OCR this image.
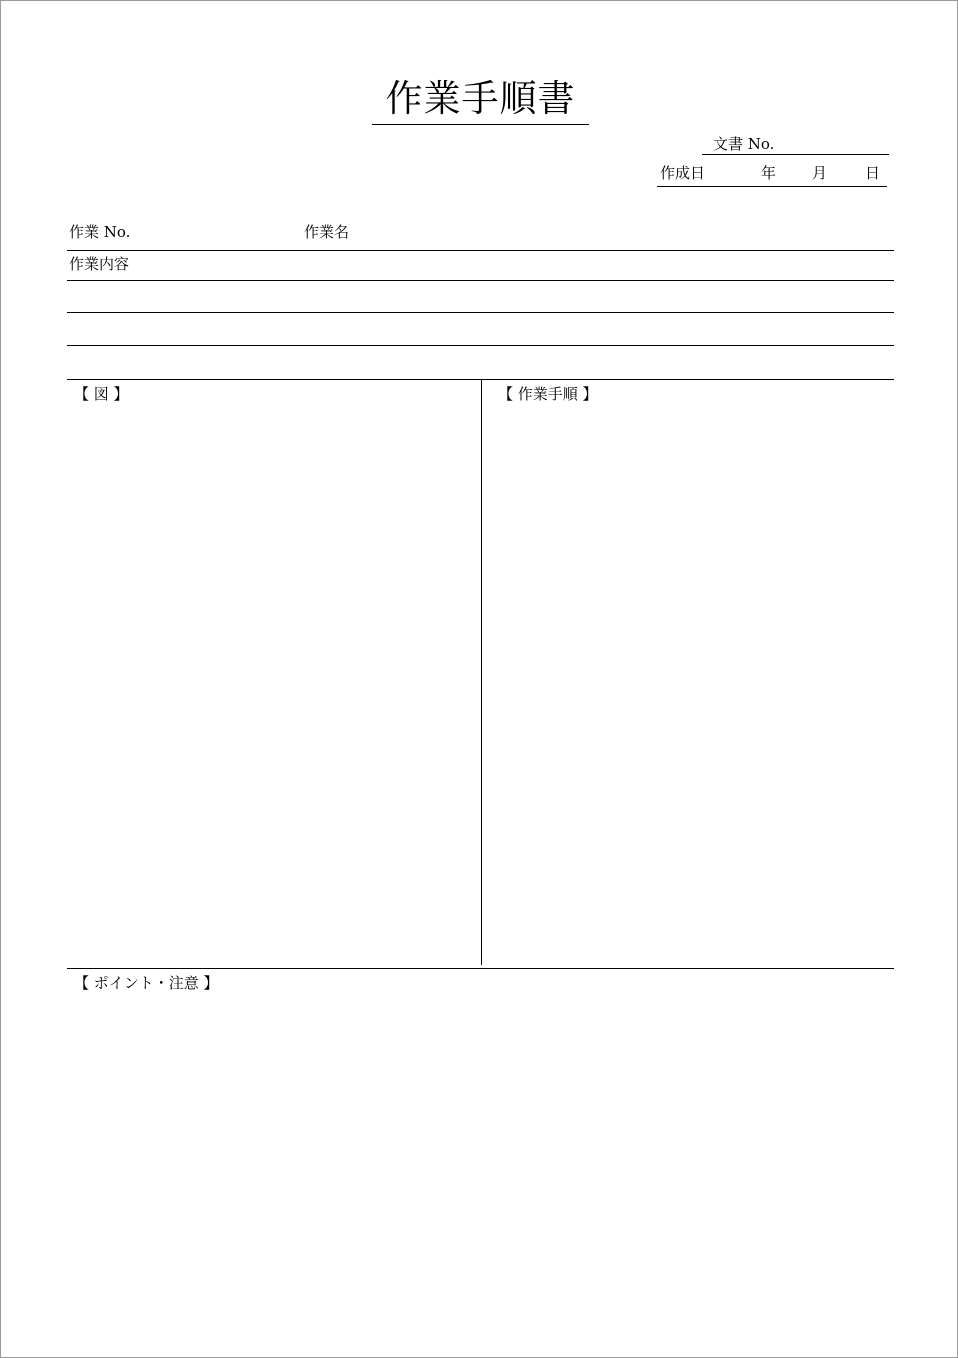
作業手順書
文書 No.
作成日	年 月	日
作業 No.	作業名
作業内容
【 図 】	【 作業手順 】
【 ポイント・注意 】
